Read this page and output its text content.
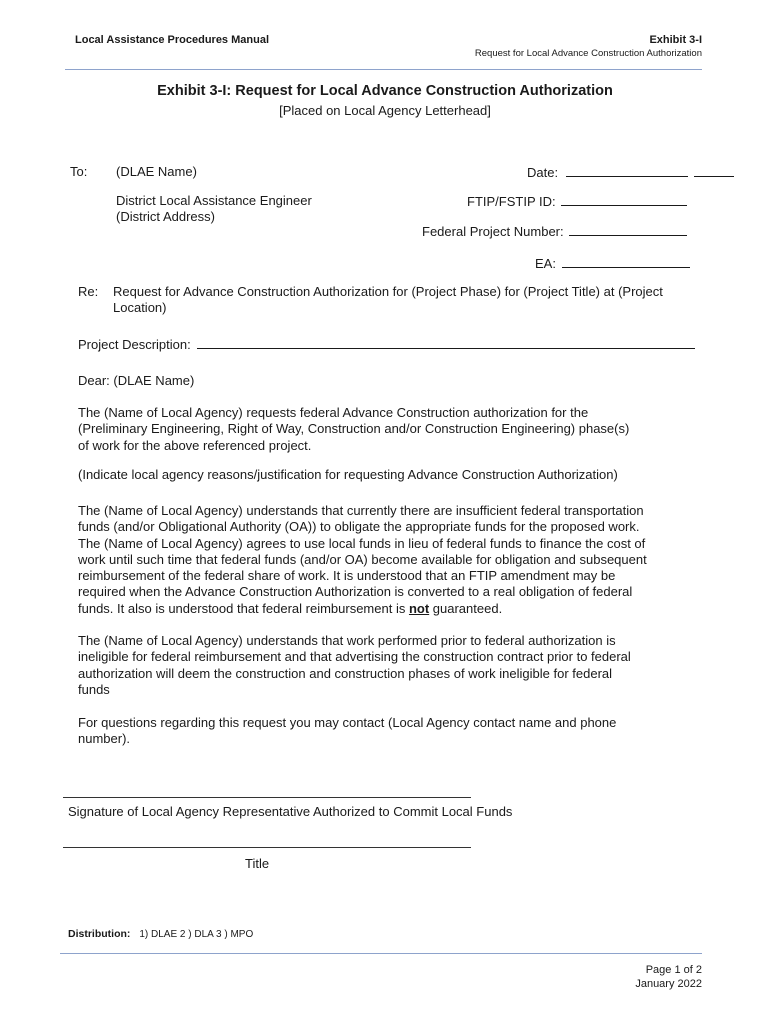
Local Assistance Procedures Manual	Exhibit 3-I
Request for Local Advance Construction Authorization
Exhibit 3-I: Request for Local Advance Construction Authorization
[Placed on Local Agency Letterhead]
To: (DLAE Name)
District Local Assistance Engineer
(District Address)
Date:
FTIP/FSTIP ID:
Federal Project Number:
EA:
Re: Request for Advance Construction Authorization for (Project Phase) for (Project Title) at (Project
Location)
Project Description:
Dear: (DLAE Name)
The (Name of Local Agency) requests federal Advance Construction authorization for the
(Preliminary Engineering, Right of Way, Construction and/or Construction Engineering) phase(s)
of work for the above referenced project.
(Indicate local agency reasons/justification for requesting Advance Construction Authorization)
The (Name of Local Agency) understands that currently there are insufficient federal transportation
funds (and/or Obligational Authority (OA)) to obligate the appropriate funds for the proposed work.
The (Name of Local Agency) agrees to use local funds in lieu of federal funds to finance the cost of
work until such time that federal funds (and/or OA) become available for obligation and subsequent
reimbursement of the federal share of work. It is understood that an FTIP amendment may be
required when the Advance Construction Authorization is converted to a real obligation of federal
funds. It also is understood that federal reimbursement is not guaranteed.
The (Name of Local Agency) understands that work performed prior to federal authorization is
ineligible for federal reimbursement and that advertising the construction contract prior to federal
authorization will deem the construction and construction phases of work ineligible for federal
funds
For questions regarding this request you may contact (Local Agency contact name and phone
number).
Signature of Local Agency Representative Authorized to Commit Local Funds
Title
Distribution: 1) DLAE 2 ) DLA 3 ) MPO
Page 1 of 2
January 2022
